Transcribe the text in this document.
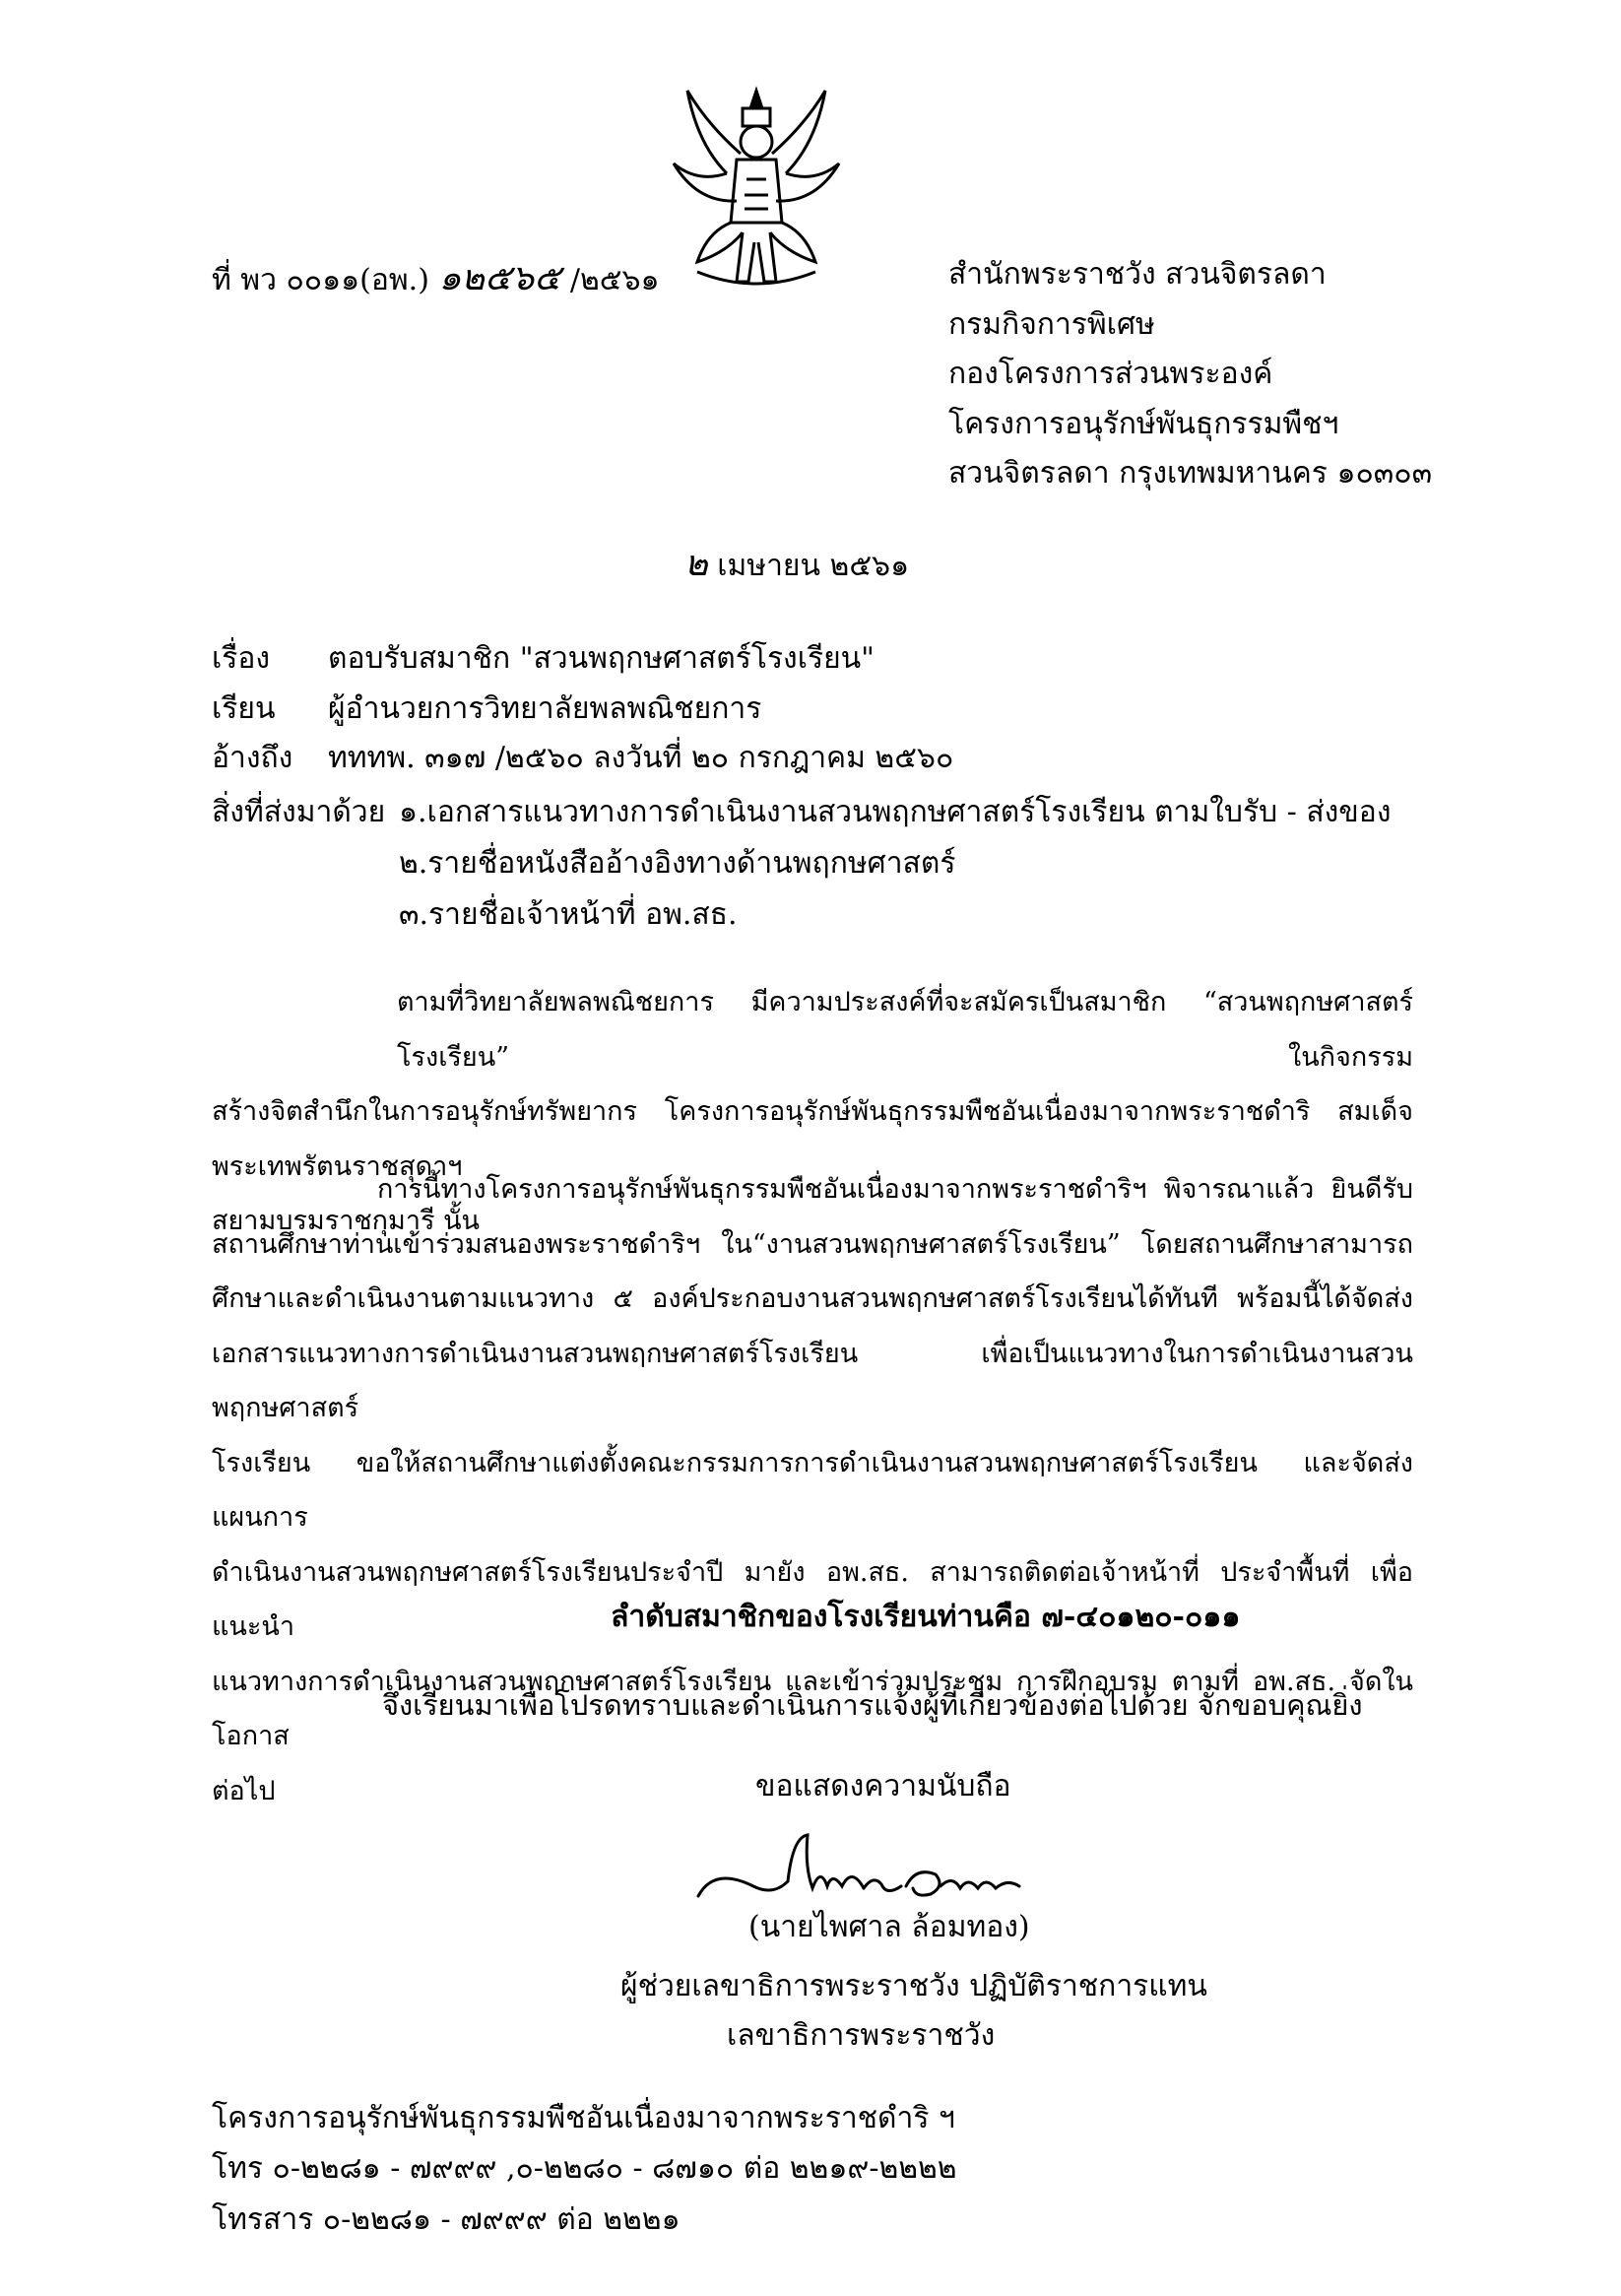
ที่ พว ๐๐๑๑(อพ.) ๑๒๕๖๕ /๒๕๖๑	สำนักพระราชวัง สวนจิตรลดา
กรมกิจการพิเศษ
กองโครงการส่วนพระองค์
โครงการอนุรักษ์พันธุกรรมพืชฯ
สวนจิตรลดา กรุงเทพมหานคร ๑๐๓๐๓
๒ เมษายน ๒๕๖๑
เรื่อง ตอบรับสมาชิก "สวนพฤกษศาสตร์โรงเรียน"
เรียน ผู้อำนวยการวิทยาลัยพลพณิชยการ
อ้างถึง ทททพ. ๓๑๗ /๒๕๖๐ ลงวันที่ ๒๐ กรกฎาคม ๒๕๖๐
สิ่งที่ส่งมาด้วย ๑.เอกสารแนวทางการดำเนินงานสวนพฤกษศาสตร์โรงเรียน ตามใบรับ - ส่งของ
๒.รายชื่อหนังสืออ้างอิงทางด้านพฤกษศาสตร์
๓.รายชื่อเจ้าหน้าที่ อพ.สธ.
ตามที่วิทยาลัยพลพณิชยการ มีความประสงค์ที่จะสมัครเป็นสมาชิก “สวนพฤกษศาสตร์โรงเรียน” ในกิจกรรม
สร้างจิตสำนึกในการอนุรักษ์ทรัพยากร โครงการอนุรักษ์พันธุกรรมพืชอันเนื่องมาจากพระราชดำริ สมเด็จพระเทพรัตนราชสุดาฯ
สยามบรมราชกุมารี นั้น
การนี้ทางโครงการอนุรักษ์พันธุกรรมพืชอันเนื่องมาจากพระราชดำริฯ พิจารณาแล้ว ยินดีรับ
สถานศึกษาท่านเข้าร่วมสนองพระราชดำริฯ ใน“งานสวนพฤกษศาสตร์โรงเรียน” โดยสถานศึกษาสามารถ
ศึกษาและดำเนินงานตามแนวทาง ๕ องค์ประกอบงานสวนพฤกษศาสตร์โรงเรียนได้ทันที พร้อมนี้ได้จัดส่ง
เอกสารแนวทางการดำเนินงานสวนพฤกษศาสตร์โรงเรียน เพื่อเป็นแนวทางในการดำเนินงานสวนพฤกษศาสตร์
โรงเรียน ขอให้สถานศึกษาแต่งตั้งคณะกรรมการการดำเนินงานสวนพฤกษศาสตร์โรงเรียน และจัดส่งแผนการ
ดำเนินงานสวนพฤกษศาสตร์โรงเรียนประจำปี มายัง อพ.สธ. สามารถติดต่อเจ้าหน้าที่ ประจำพื้นที่ เพื่อแนะนำ
แนวทางการดำเนินงานสวนพฤกษศาสตร์โรงเรียน และเข้าร่วมประชุม การฝึกอบรม ตามที่ อพ.สธ. จัดในโอกาส
ต่อไป
ลำดับสมาชิกของโรงเรียนท่านคือ ๗-๔๐๑๒๐-๐๑๑
จึงเรียนมาเพื่อโปรดทราบและดำเนินการแจ้งผู้ที่เกี่ยวข้องต่อไปด้วย จักขอบคุณยิ่ง
ขอแสดงความนับถือ
(นายไพศาล ล้อมทอง)
ผู้ช่วยเลขาธิการพระราชวัง ปฏิบัติราชการแทน
เลขาธิการพระราชวัง
โครงการอนุรักษ์พันธุกรรมพืชอันเนื่องมาจากพระราชดำริ ฯ
โทร ๐-๒๒๘๑ - ๗๙๙๙ ,๐-๒๒๘๐ - ๘๗๑๐ ต่อ ๒๒๑๙-๒๒๒๒
โทรสาร ๐-๒๒๘๑ - ๗๙๙๙ ต่อ ๒๒๒๑
